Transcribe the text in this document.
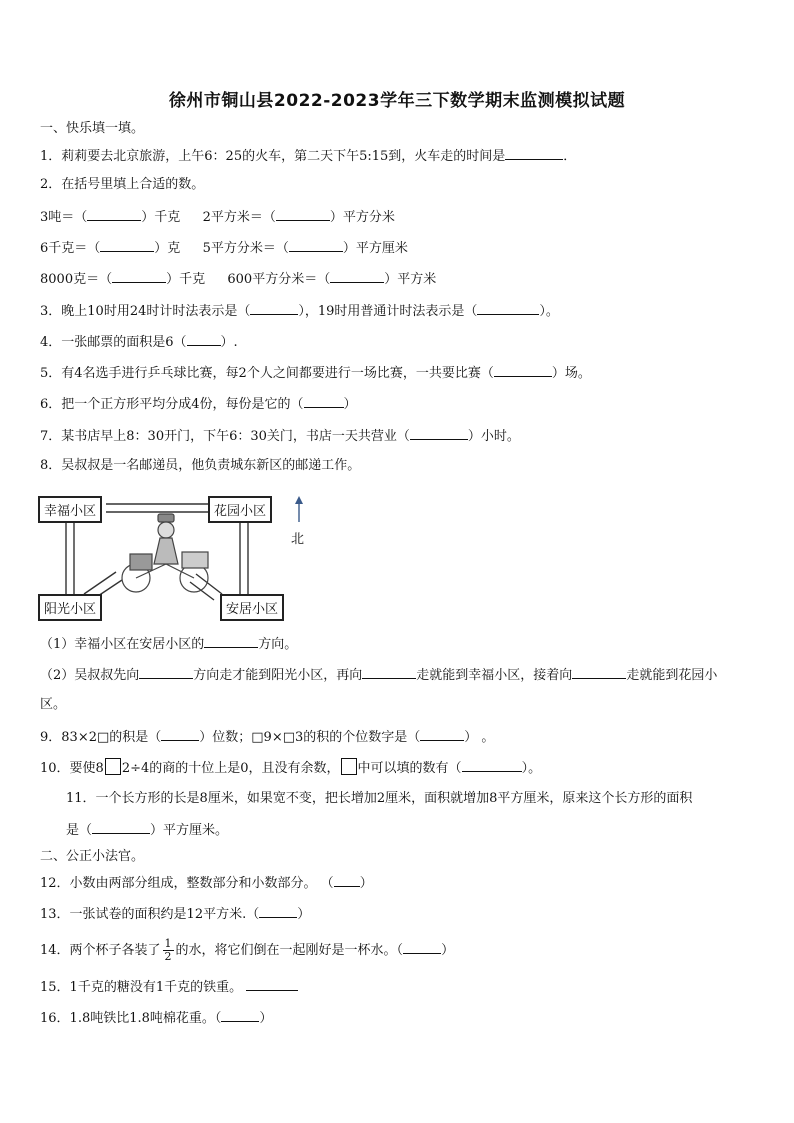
徐州市铜山县2022-2023学年三下数学期末监测模拟试题
一、快乐填一填。
1．莉莉要去北京旅游，上午6：25的火车，第二天下午5:15到，火车走的时间是	．
2．在括号里填上合适的数。
3吨＝（	）千克 2平方米＝（	）平方分米
6千克＝（	）克 5平方分米＝（	）平方厘米
8000克＝（	）千克 600平方分米＝（	）平方米
3．晚上10时用24时计时法表示是（	），19时用普通计时法表示是（	）。
4．一张邮票的面积是6（	）.
5．有4名选手进行乒乓球比赛，每2个人之间都要进行一场比赛，一共要比赛（	）场。
6．把一个正方形平均分成4份，每份是它的（	）
7．某书店早上8：30开门，下午6：30关门，书店一天共营业（	）小时。
8．吴叔叔是一名邮递员，他负责城东新区的邮递工作。
幸福小区	花园小区
阳光小区	安居小区
北
（1）幸福小区在安居小区的	方向。
（2）吴叔叔先向	方向走才能到阳光小区，再向	走就能到幸福小区，接着向	走就能到花园小
区。
9．83×2□的积是（	）位数；□9×□3的积的个位数字是（	） 。
10．要使8 2÷4的商的十位上是0，且没有余数， 中可以填的数有（	）。
11．一个长方形的长是8厘米，如果宽不变，把长增加2厘米，面积就增加8平方厘米，原来这个长方形的面积
是（	）平方厘米。
二、公正小法官。
12．小数由两部分组成，整数部分和小数部分。 （ ）
13．一张试卷的面积约是12平方米.（	）
14．两个杯子各装了 $\frac{1}{2}$ 的水，将它们倒在一起刚好是一杯水。（	）
15．1千克的糖没有1千克的铁重。
16．1.8吨铁比1.8吨棉花重。（	）
